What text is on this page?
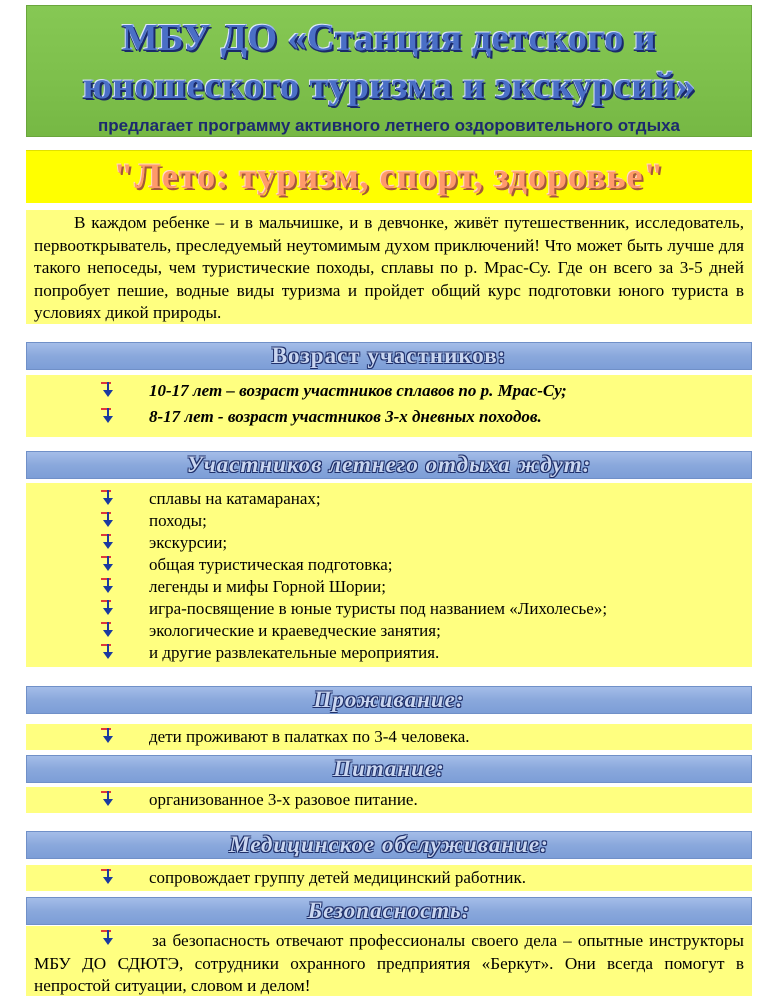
МБУ ДО «Станция детского и
юношеского туризма и экскурсий»
предлагает программу активного летнего оздоровительного отдыха
"Лето: туризм, спорт, здоровье"

В каждом ребенке – и в мальчишке, и в девчонке, живёт путешественник, исследователь, первооткрыватель, преследуемый неутомимым духом приключений! Что может быть лучше для такого непоседы, чем туристические походы, сплавы по р. Мрас-Су. Где он всего за 3-5 дней попробует пешие, водные виды туризма и пройдет общий курс подготовки юного туриста в условиях дикой природы.

Возраст участников:
10-17 лет – возраст участников сплавов по р. Мрас-Су;
8-17 лет - возраст участников 3-х дневных походов.
Участников летнего отдыха ждут:
сплавы на катамаранах;
походы;
экскурсии;
общая туристическая подготовка;
легенды и мифы Горной Шории;
игра-посвящение в юные туристы под названием «Лихолесье»;
экологические и краеведческие занятия;
и другие развлекательные мероприятия.
Проживание:
дети проживают в палатках по 3-4 человека.
Питание:
организованное 3-х разовое питание.
Медицинское обслуживание:
сопровождает группу детей медицинский работник.
Безопасность:

за безопасность отвечают профессионалы своего дела – опытные инструкторы МБУ ДО СДЮТЭ, сотрудники охранного предприятия «Беркут». Они всегда помогут в непростой ситуации, словом и делом!
